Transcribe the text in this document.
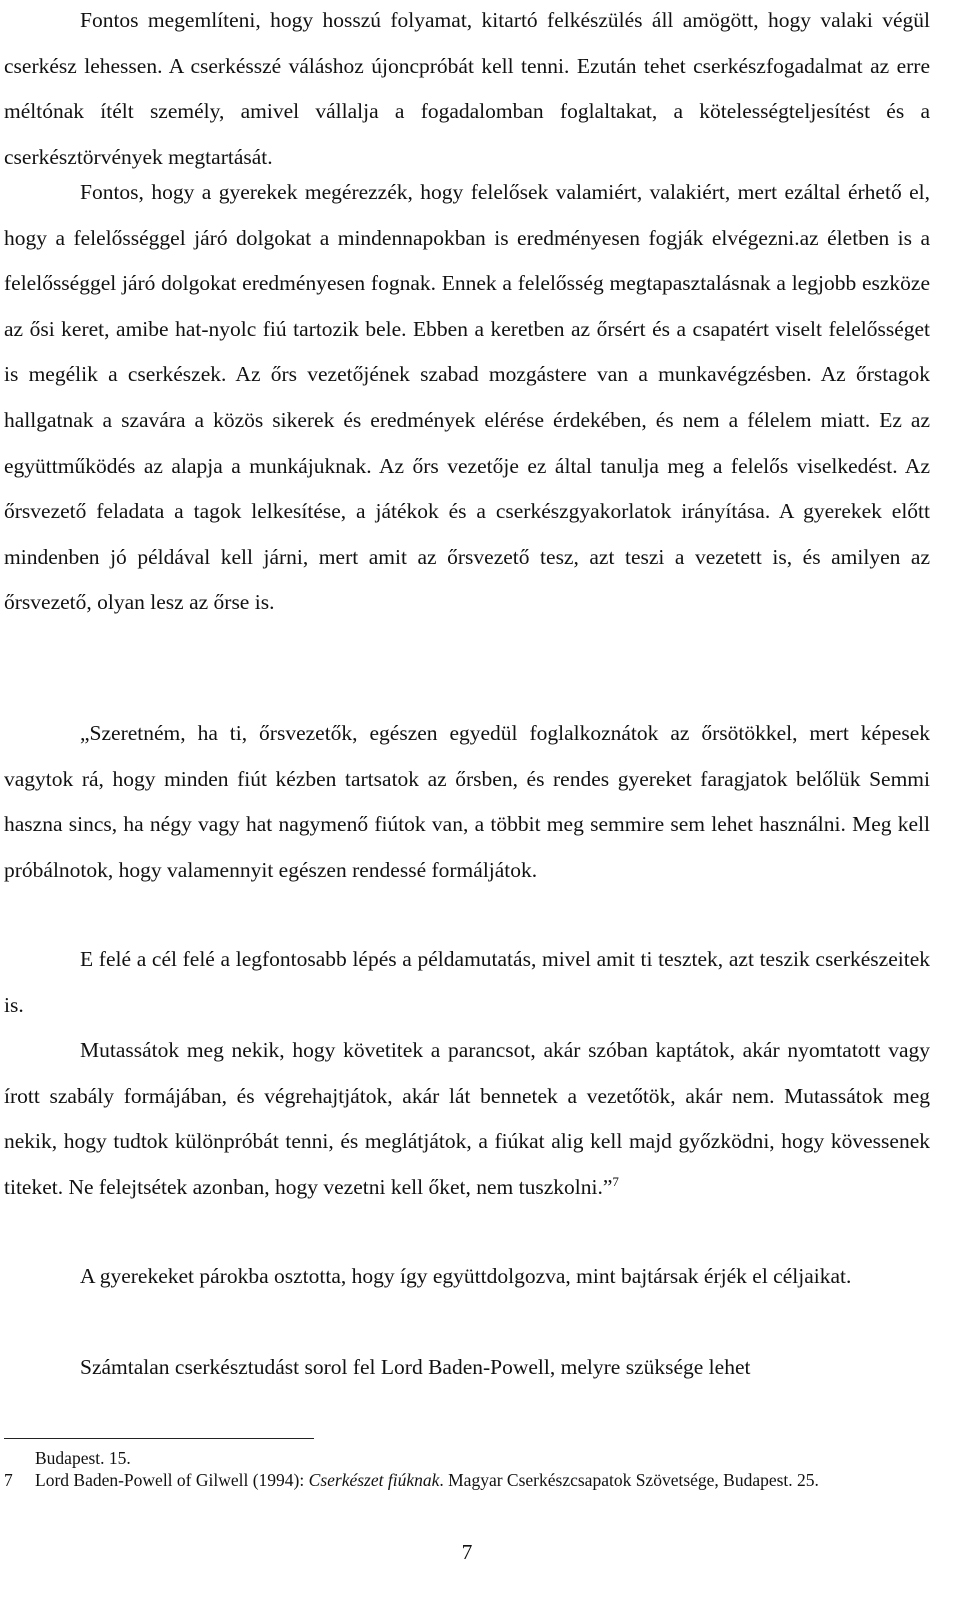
Fontos megemlíteni, hogy hosszú folyamat, kitartó felkészülés áll amögött, hogy valaki végül cserkész lehessen. A cserkésszé váláshoz újoncpróbát kell tenni. Ezután tehet cserkészfogadalmat az erre méltónak ítélt személy, amivel vállalja a fogadalomban foglaltakat, a kötelességteljesítést és a cserkésztörvények megtartását.

Fontos, hogy a gyerekek megérezzék, hogy felelősek valamiért, valakiért, mert ezáltal érhető el, hogy a felelősséggel járó dolgokat a mindennapokban is eredményesen fogják elvégezni.az életben is a felelősséggel járó dolgokat eredményesen fognak. Ennek a felelősség megtapasztalásnak a legjobb eszköze az ősi keret, amibe hat-nyolc fiú tartozik bele. Ebben a keretben az őrsért és a csapatért viselt felelősséget is megélik a cserkészek. Az őrs vezetőjének szabad mozgástere van a munkavégzésben. Az őrstagok hallgatnak a szavára a közös sikerek és eredmények elérése érdekében, és nem a félelem miatt. Ez az együttműködés az alapja a munkájuknak. Az őrs vezetője ez által tanulja meg a felelős viselkedést. Az őrsvezető feladata a tagok lelkesítése, a játékok és a cserkészgyakorlatok irányítása. A gyerekek előtt mindenben jó példával kell járni, mert amit az őrsvezető tesz, azt teszi a vezetett is, és amilyen az őrsvezető, olyan lesz az őrse is.

„Szeretném, ha ti, őrsvezetők, egészen egyedül foglalkoznátok az őrsötökkel, mert képesek vagytok rá, hogy minden fiút kézben tartsatok az őrsben, és rendes gyereket faragjatok belőlük Semmi haszna sincs, ha négy vagy hat nagymenő fiútok van, a többit meg semmire sem lehet használni. Meg kell próbálnotok, hogy valamennyit egészen rendessé formáljátok.

E felé a cél felé a legfontosabb lépés a példamutatás, mivel amit ti tesztek, azt teszik cserkészeitek is.

Mutassátok meg nekik, hogy követitek a parancsot, akár szóban kaptátok, akár nyomtatott vagy írott szabály formájában, és végrehajtjátok, akár lát bennetek a vezetőtök, akár nem. Mutassátok meg nekik, hogy tudtok különpróbát tenni, és meglátjátok, a fiúkat alig kell majd győzködni, hogy kövessenek titeket. Ne felejtsétek azonban, hogy vezetni kell őket, nem tuszkolni.”$^7$

A gyerekeket párokba osztotta, hogy így együttdolgozva, mint bajtársak érjék el céljaikat.

Számtalan cserkésztudást sorol fel Lord Baden-Powell, melyre szüksége lehet

Budapest. 15.
7 Lord Baden-Powell of Gilwell (1994): Cserkészet fiúknak. Magyar Cserkészcsapatok Szövetsége, Budapest. 25.
7
